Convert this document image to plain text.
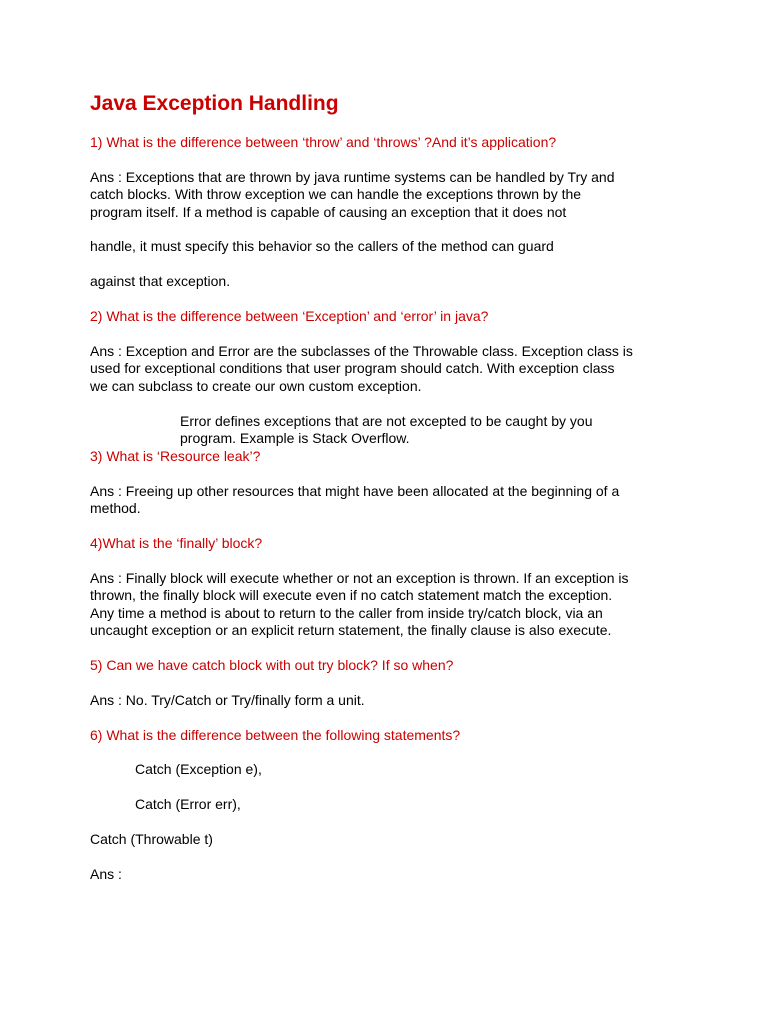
Java Exception Handling

1) What is the difference between ‘throw’ and ‘throws’ ?And it’s application?

Ans : Exceptions that are thrown by java runtime systems can be handled by Try and
catch blocks. With throw exception we can handle the exceptions thrown by the
program itself. If a method is capable of causing an exception that it does not
handle, it must specify this behavior so the callers of the method can guard
against that exception.

2) What is the difference between ‘Exception’ and ‘error’ in java?

Ans : Exception and Error are the subclasses of the Throwable class. Exception class is
used for exceptional conditions that user program should catch. With exception class
we can subclass to create our own custom exception.
Error defines exceptions that are not excepted to be caught by you
program. Example is Stack Overflow.

3) What is ‘Resource leak’?

Ans : Freeing up other resources that might have been allocated at the beginning of a
method.

4)What is the ‘finally’ block?

Ans : Finally block will execute whether or not an exception is thrown. If an exception is
thrown, the finally block will execute even if no catch statement match the exception.
Any time a method is about to return to the caller from inside try/catch block, via an
uncaught exception or an explicit return statement, the finally clause is also execute.

5) Can we have catch block with out try block? If so when?

Ans : No. Try/Catch or Try/finally form a unit.

6) What is the difference between the following statements?

Catch (Exception e),
Catch (Error err),
Catch (Throwable t)
Ans :
